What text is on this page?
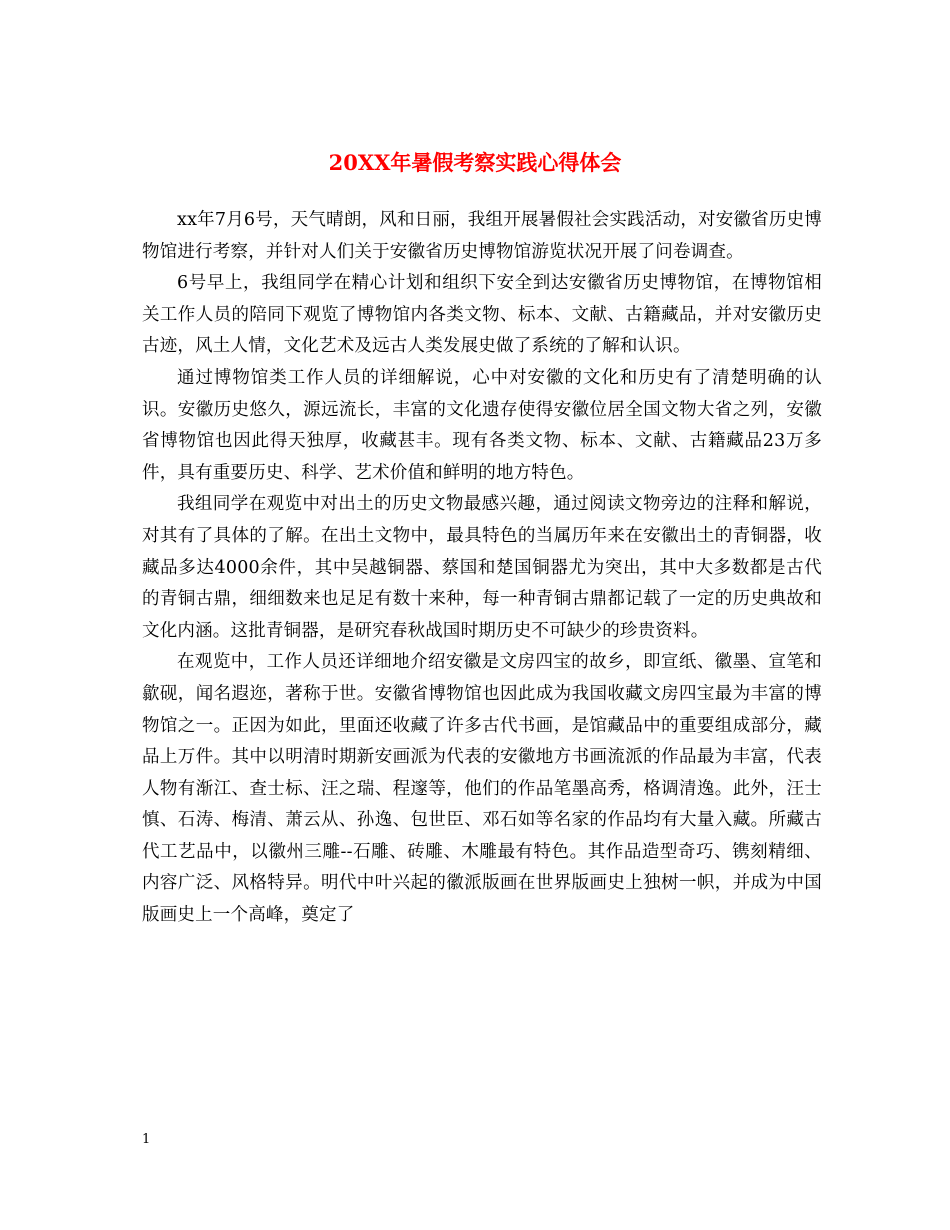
20XX年暑假考察实践心得体会

xx年7月6号，天气晴朗，风和日丽，我组开展暑假社会实践活动，对安徽省历史博物馆进行考察，并针对人们关于安徽省历史博物馆游览状况开展了问卷调查。

6号早上，我组同学在精心计划和组织下安全到达安徽省历史博物馆，在博物馆相关工作人员的陪同下观览了博物馆内各类文物、标本、文献、古籍藏品，并对安徽历史古迹，风土人情，文化艺术及远古人类发展史做了系统的了解和认识。

通过博物馆类工作人员的详细解说，心中对安徽的文化和历史有了清楚明确的认识。安徽历史悠久，源远流长，丰富的文化遗存使得安徽位居全国文物大省之列，安徽省博物馆也因此得天独厚，收藏甚丰。现有各类文物、标本、文献、古籍藏品23万多件，具有重要历史、科学、艺术价值和鲜明的地方特色。

我组同学在观览中对出土的历史文物最感兴趣，通过阅读文物旁边的注释和解说，对其有了具体的了解。在出土文物中，最具特色的当属历年来在安徽出土的青铜器，收藏品多达4000余件，其中吴越铜器、蔡国和楚国铜器尤为突出，其中大多数都是古代的青铜古鼎，细细数来也足足有数十来种，每一种青铜古鼎都记载了一定的历史典故和文化内涵。这批青铜器，是研究春秋战国时期历史不可缺少的珍贵资料。

在观览中，工作人员还详细地介绍安徽是文房四宝的故乡，即宣纸、徽墨、宣笔和歙砚，闻名遐迩，著称于世。安徽省博物馆也因此成为我国收藏文房四宝最为丰富的博物馆之一。正因为如此，里面还收藏了许多古代书画，是馆藏品中的重要组成部分，藏品上万件。其中以明清时期新安画派为代表的安徽地方书画流派的作品最为丰富，代表人物有渐江、查士标、汪之瑞、程邃等，他们的作品笔墨高秀，格调清逸。此外，汪士慎、石涛、梅清、萧云从、孙逸、包世臣、邓石如等名家的作品均有大量入藏。所藏古代工艺品中，以徽州三雕--石雕、砖雕、木雕最有特色。其作品造型奇巧、镌刻精细、内容广泛、风格特异。明代中叶兴起的徽派版画在世界版画史上独树一帜，并成为中国版画史上一个高峰，奠定了

1
